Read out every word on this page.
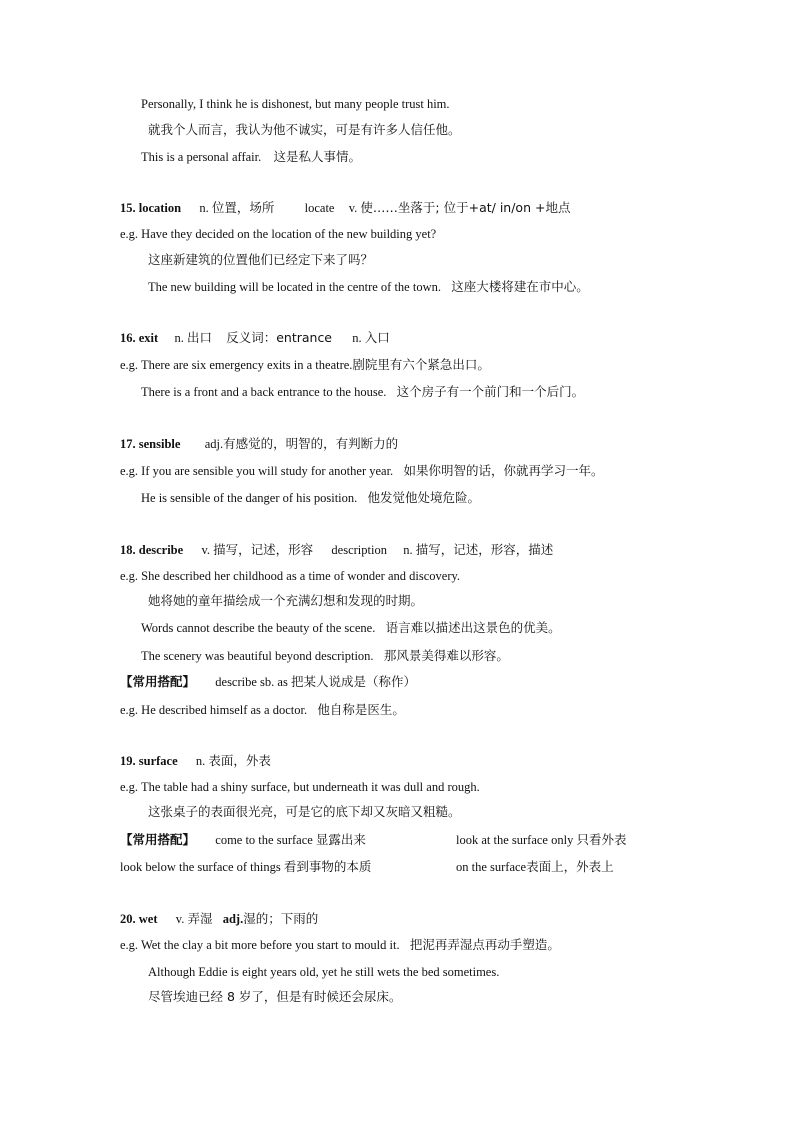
Personally, I think he is dishonest, but many people trust him.
就我个人而言，我认为他不诚实，可是有许多人信任他。
This is a personal affair. 这是私人事情。
15. location n. 位置，场所 locate v. 使……坐落于; 位于+at/ in/on +地点
e.g. Have they decided on the location of the new building yet?
这座新建筑的位置他们已经定下来了吗？
The new building will be located in the centre of the town. 这座大楼将建在市中心。
16. exit n. 出口 反义词：entrance n. 入口
e.g. There are six emergency exits in a theatre.剧院里有六个紧急出口。
There is a front and a back entrance to the house. 这个房子有一个前门和一个后门。
17. sensible adj.有感觉的，明智的，有判断力的
e.g. If you are sensible you will study for another year. 如果你明智的话，你就再学习一年。
He is sensible of the danger of his position. 他发觉他处境危险。
18. describe v. 描写，记述，形容 description n. 描写，记述，形容，描述
e.g. She described her childhood as a time of wonder and discovery.
她将她的童年描绘成一个充满幻想和发现的时期。
Words cannot describe the beauty of the scene. 语言难以描述出这景色的优美。
The scenery was beautiful beyond description. 那风景美得难以形容。
【常用搭配】 describe sb. as 把某人说成是（称作）
e.g. He described himself as a doctor. 他自称是医生。
19. surface n. 表面，外表
e.g. The table had a shiny surface, but underneath it was dull and rough.
这张桌子的表面很光亮，可是它的底下却又灰暗又粗糙。
【常用搭配】 come to the surface 显露出来	look at the surface only 只看外表
look below the surface of things 看到事物的本质	on the surface表面上，外表上
20. wet v. 弄湿 adj.湿的；下雨的
e.g. Wet the clay a bit more before you start to mould it. 把泥再弄湿点再动手塑造。
Although Eddie is eight years old, yet he still wets the bed sometimes.
尽管埃迪已经 8 岁了，但是有时候还会尿床。
